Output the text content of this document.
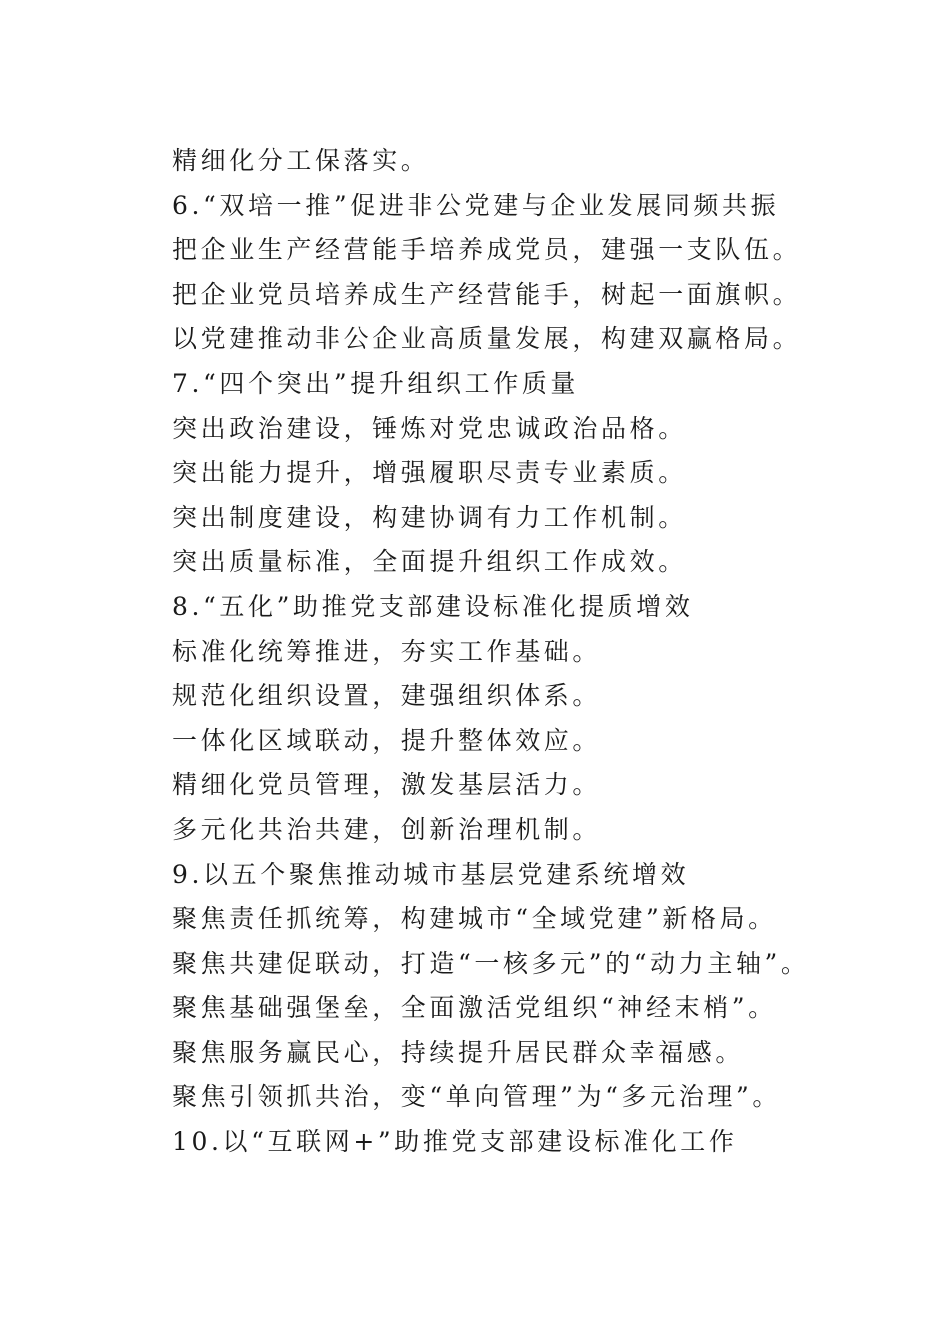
精细化分工保落实。
6.“双培一推”促进非公党建与企业发展同频共振
把企业生产经营能手培养成党员，建强一支队伍。
把企业党员培养成生产经营能手，树起一面旗帜。
以党建推动非公企业高质量发展，构建双赢格局。
7.“四个突出”提升组织工作质量
突出政治建设，锤炼对党忠诚政治品格。
突出能力提升，增强履职尽责专业素质。
突出制度建设，构建协调有力工作机制。
突出质量标准，全面提升组织工作成效。
8.“五化”助推党支部建设标准化提质增效
标准化统筹推进，夯实工作基础。
规范化组织设置，建强组织体系。
一体化区域联动，提升整体效应。
精细化党员管理，激发基层活力。
多元化共治共建，创新治理机制。
9.以五个聚焦推动城市基层党建系统增效
聚焦责任抓统筹，构建城市“全域党建”新格局。
聚焦共建促联动，打造“一核多元”的“动力主轴”。
聚焦基础强堡垒，全面激活党组织“神经末梢”。
聚焦服务赢民心，持续提升居民群众幸福感。
聚焦引领抓共治，变“单向管理”为“多元治理”。
10.以“互联网+”助推党支部建设标准化工作
